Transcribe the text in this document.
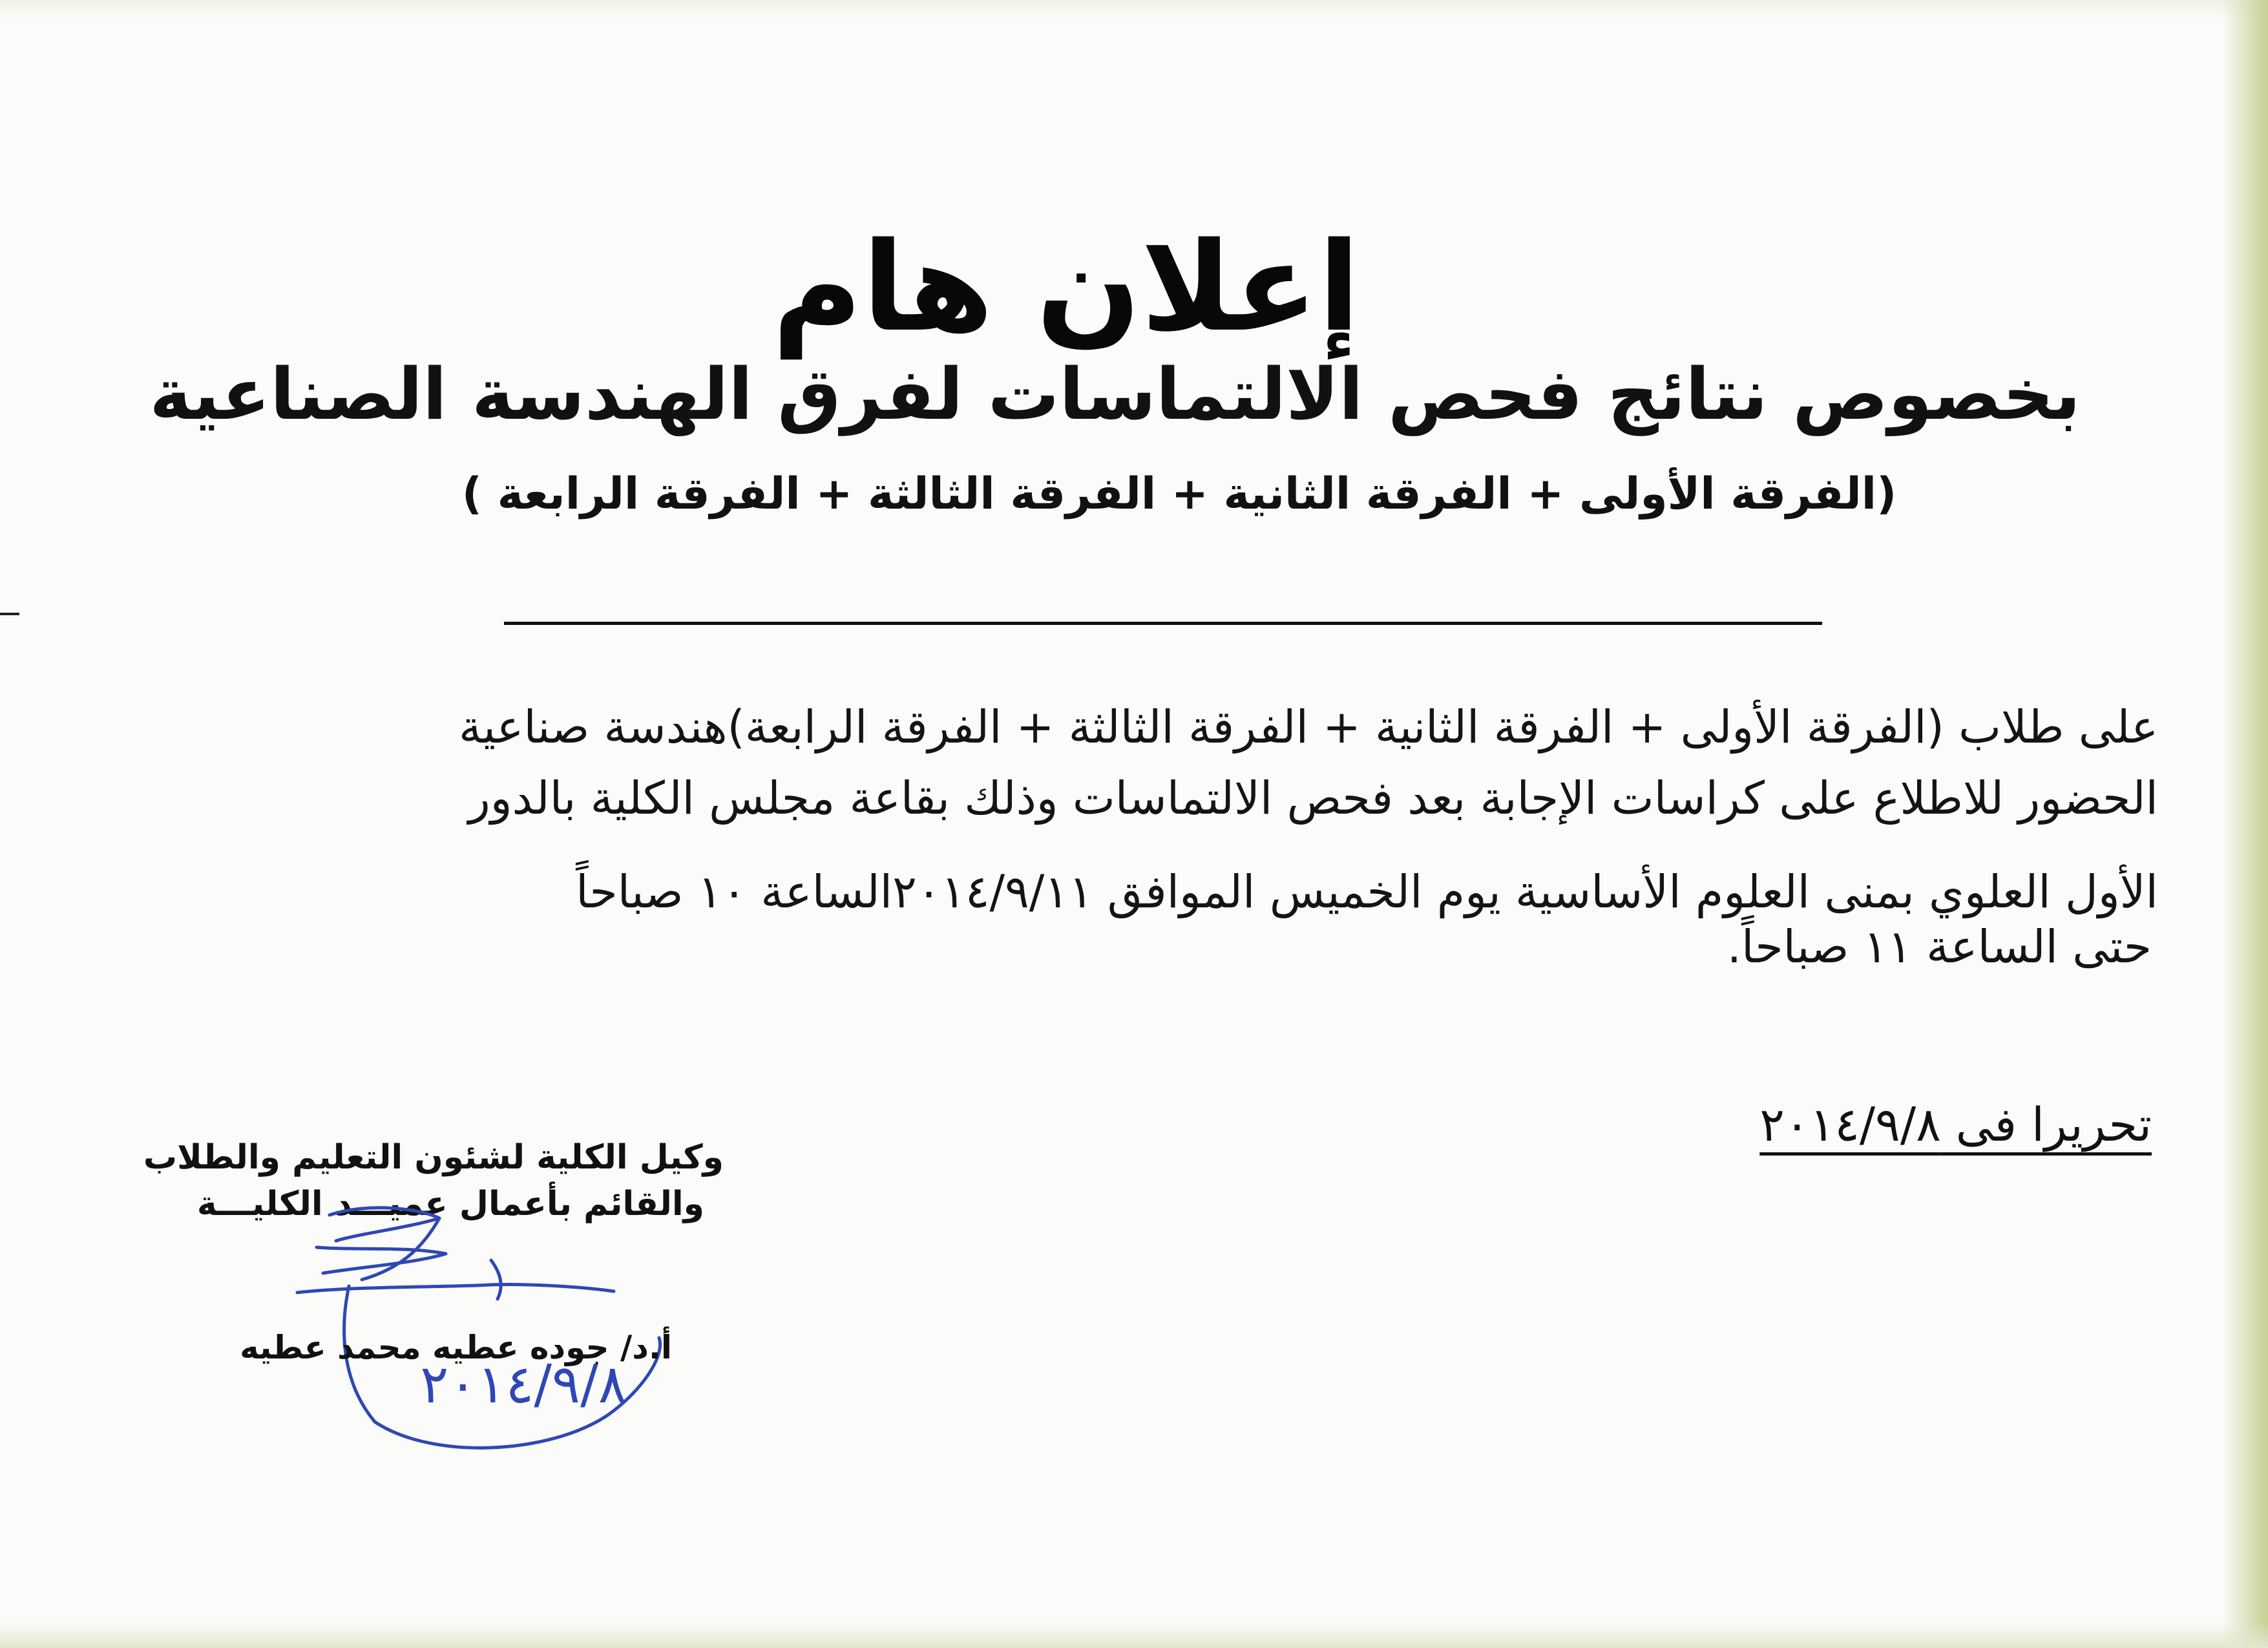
إعلان هام
بخصوص نتائج فحص الالتماسات لفرق الهندسة الصناعية
(الفرقة الأولى + الفرقة الثانية + الفرقة الثالثة + الفرقة الرابعة )
على طلاب (الفرقة الأولى + الفرقة الثانية + الفرقة الثالثة + الفرقة الرابعة)هندسة صناعية
الحضور للاطلاع على كراسات الإجابة بعد فحص الالتماسات وذلك بقاعة مجلس الكلية بالدور
الأول العلوي بمنى العلوم الأساسية يوم الخميس الموافق ٢٠١٤/٩/١١الساعة ١٠ صباحاً
حتى الساعة ١١ صباحاً.
تحريرا فى ٢٠١٤/٩/٨
وكيل الكلية لشئون التعليم والطلاب
والقائم بأعمال عميـــد الكليـــة
٢٠١٤/٩/٨
أ.د/ جوده عطيه محمد عطيه
